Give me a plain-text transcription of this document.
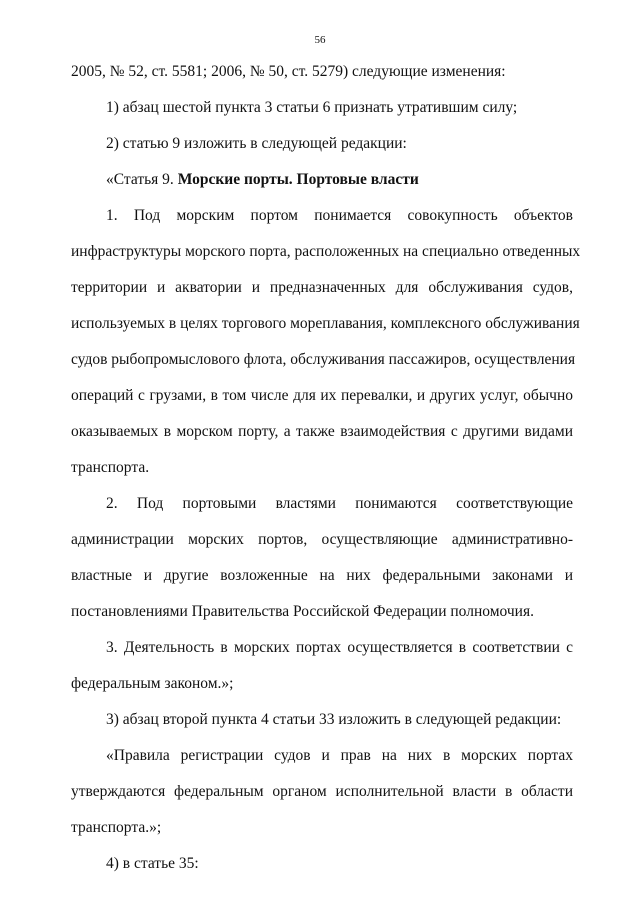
56
2005, № 52, ст. 5581; 2006, № 50, ст. 5279) следующие изменения:
1) абзац шестой пункта 3 статьи 6 признать утратившим силу;
2) статью 9 изложить в следующей редакции:
«Статья 9. Морские порты. Портовые власти
1. Под морским портом понимается совокупность объектов
инфраструктуры морского порта, расположенных на специально отведенных
территории и акватории и предназначенных для обслуживания судов,
используемых в целях торгового мореплавания, комплексного обслуживания
судов рыбопромыслового флота, обслуживания пассажиров, осуществления
операций с грузами, в том числе для их перевалки, и других услуг, обычно
оказываемых в морском порту, а также взаимодействия с другими видами
транспорта.
2. Под портовыми властями понимаются соответствующие
администрации морских портов, осуществляющие административно-
властные и другие возложенные на них федеральными законами и
постановлениями Правительства Российской Федерации полномочия.
3. Деятельность в морских портах осуществляется в соответствии с
федеральным законом.»;
3) абзац второй пункта 4 статьи 33 изложить в следующей редакции:
«Правила регистрации судов и прав на них в морских портах
утверждаются федеральным органом исполнительной власти в области
транспорта.»;
4) в статье 35:
